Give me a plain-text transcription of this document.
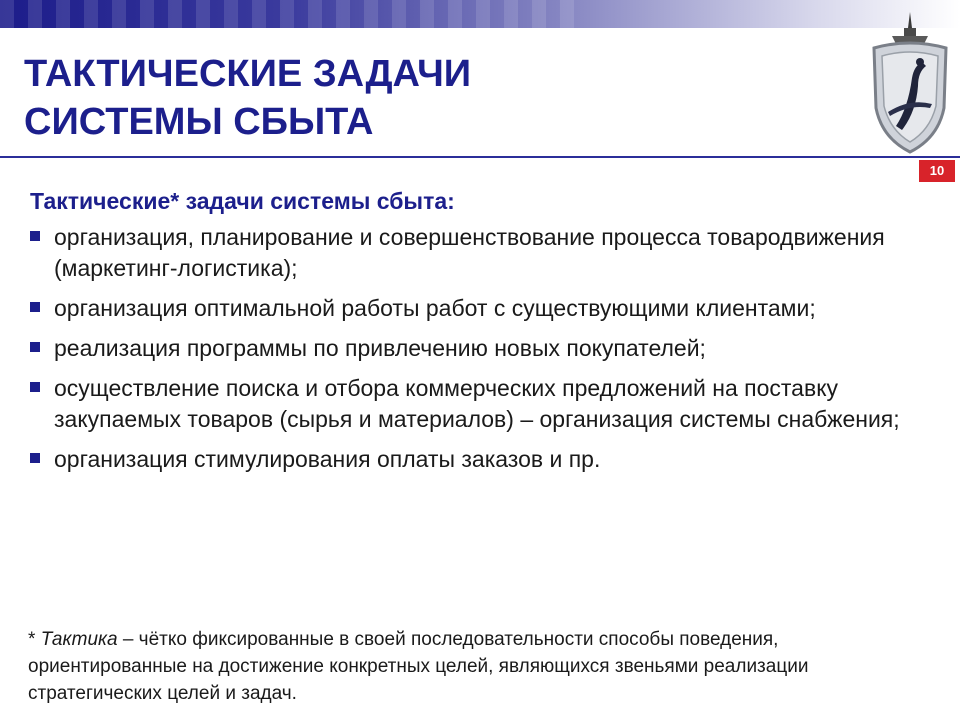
ТАКТИЧЕСКИЕ ЗАДАЧИ
СИСТЕМЫ СБЫТА
10

Тактические* задачи системы сбыта:

организация, планирование и совершенствование процесса товародвижения (маркетинг-логистика);
организация оптимальной работы работ с существующими клиентами;
реализация программы по привлечению новых покупателей;
осуществление поиска и отбора коммерческих предложений на поставку закупаемых товаров (сырья и материалов) – организация системы снабжения;
организация стимулирования оплаты заказов и пр.
* Тактика – чётко фиксированные в своей последовательности способы поведения, ориентированные на достижение конкретных целей, являющихся звеньями реализации стратегических целей и задач.
